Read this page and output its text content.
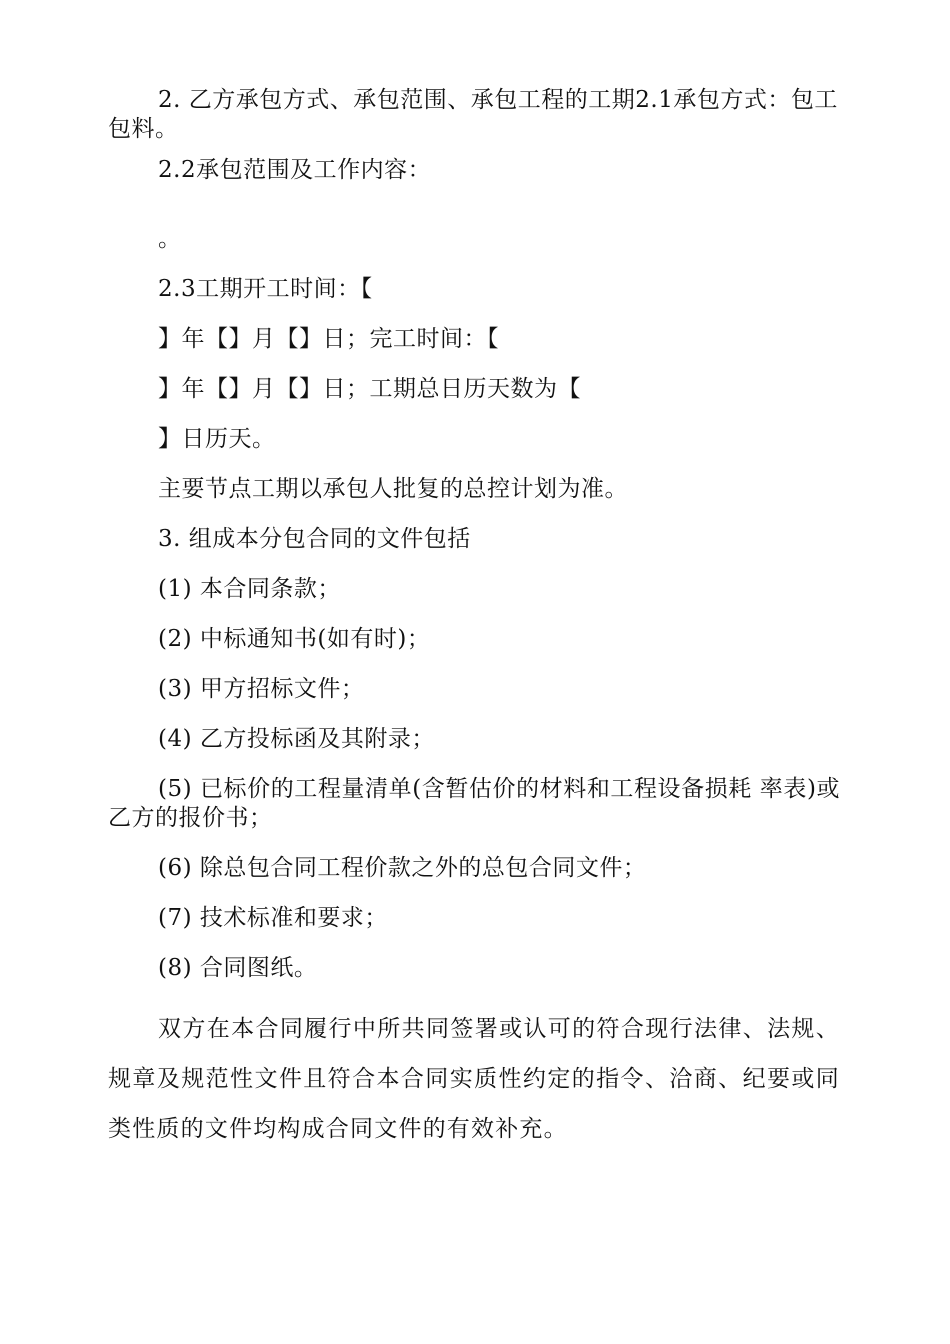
2. 乙方承包方式、承包范围、承包工程的工期2.1承包方式：包工包料。

2.2承包范围及工作内容：

。

2.3工期开工时间：【

】年【】月【】日；完工时间：【

】年【】月【】日；工期总日历天数为【

】日历天。

主要节点工期以承包人批复的总控计划为准。

3. 组成本分包合同的文件包括

(1) 本合同条款；

(2) 中标通知书(如有时)；

(3) 甲方招标文件；

(4) 乙方投标函及其附录；

(5) 已标价的工程量清单(含暂估价的材料和工程设备损耗 率表)或乙方的报价书；

(6) 除总包合同工程价款之外的总包合同文件；

(7) 技术标准和要求；

(8) 合同图纸。

双方在本合同履行中所共同签署或认可的符合现行法律、法规、规章及规范性文件且符合本合同实质性约定的指令、洽商、纪要或同类性质的文件均构成合同文件的有效补充。
